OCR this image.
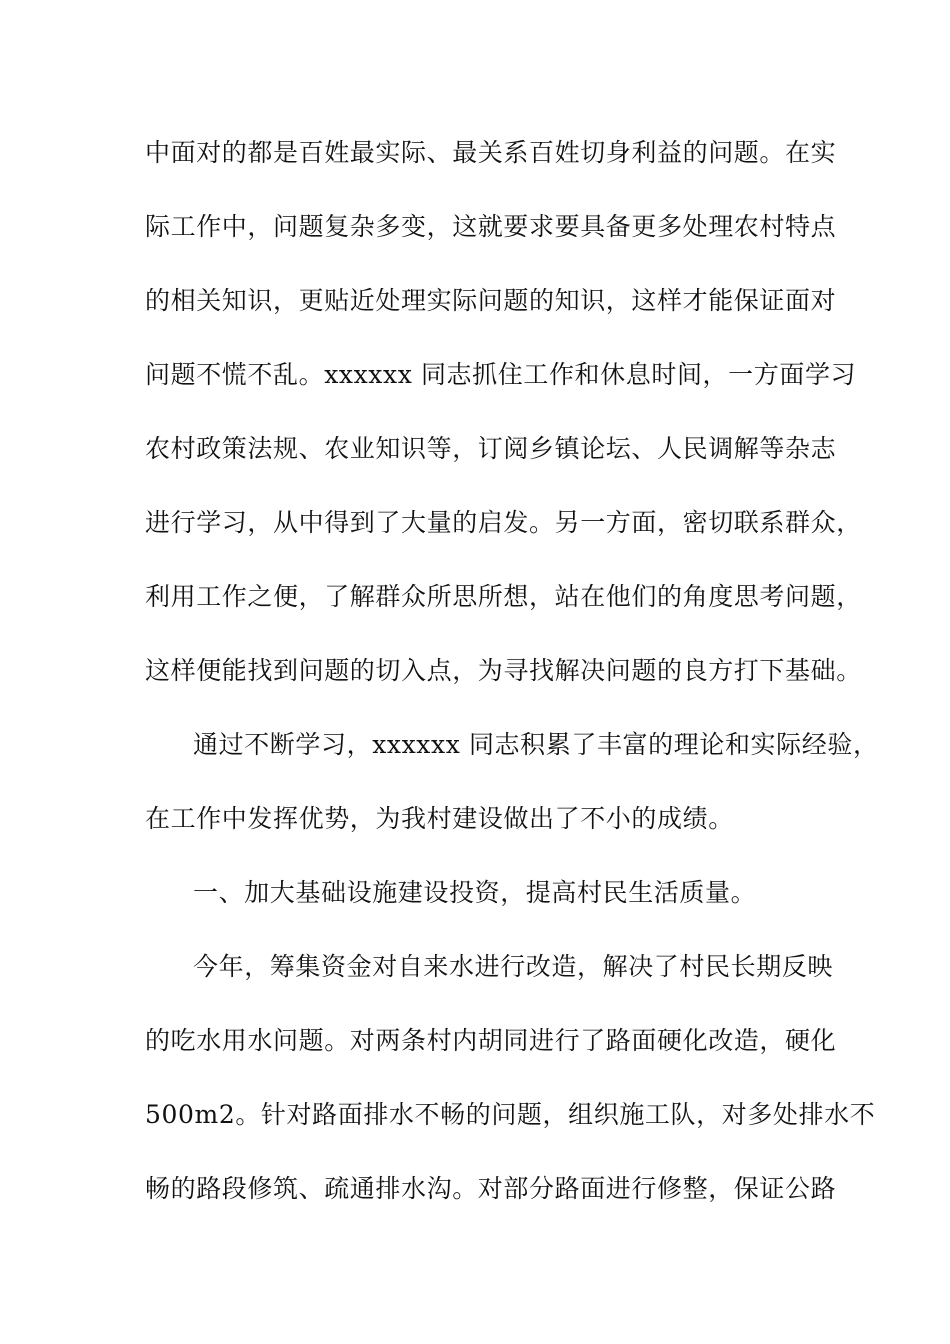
中面对的都是百姓最实际、最关系百姓切身利益的问题。在实
际工作中，问题复杂多变，这就要求要具备更多处理农村特点
的相关知识，更贴近处理实际问题的知识，这样才能保证面对
问题不慌不乱。xxxxxx 同志抓住工作和休息时间，一方面学习
农村政策法规、农业知识等，订阅乡镇论坛、人民调解等杂志
进行学习，从中得到了大量的启发。另一方面，密切联系群众，
利用工作之便，了解群众所思所想，站在他们的角度思考问题，
这样便能找到问题的切入点，为寻找解决问题的良方打下基础。
通过不断学习，xxxxxx 同志积累了丰富的理论和实际经验，
在工作中发挥优势，为我村建设做出了不小的成绩。
一、加大基础设施建设投资，提高村民生活质量。
今年，筹集资金对自来水进行改造，解决了村民长期反映
的吃水用水问题。对两条村内胡同进行了路面硬化改造，硬化
500m2。针对路面排水不畅的问题，组织施工队，对多处排水不
畅的路段修筑、疏通排水沟。对部分路面进行修整，保证公路
